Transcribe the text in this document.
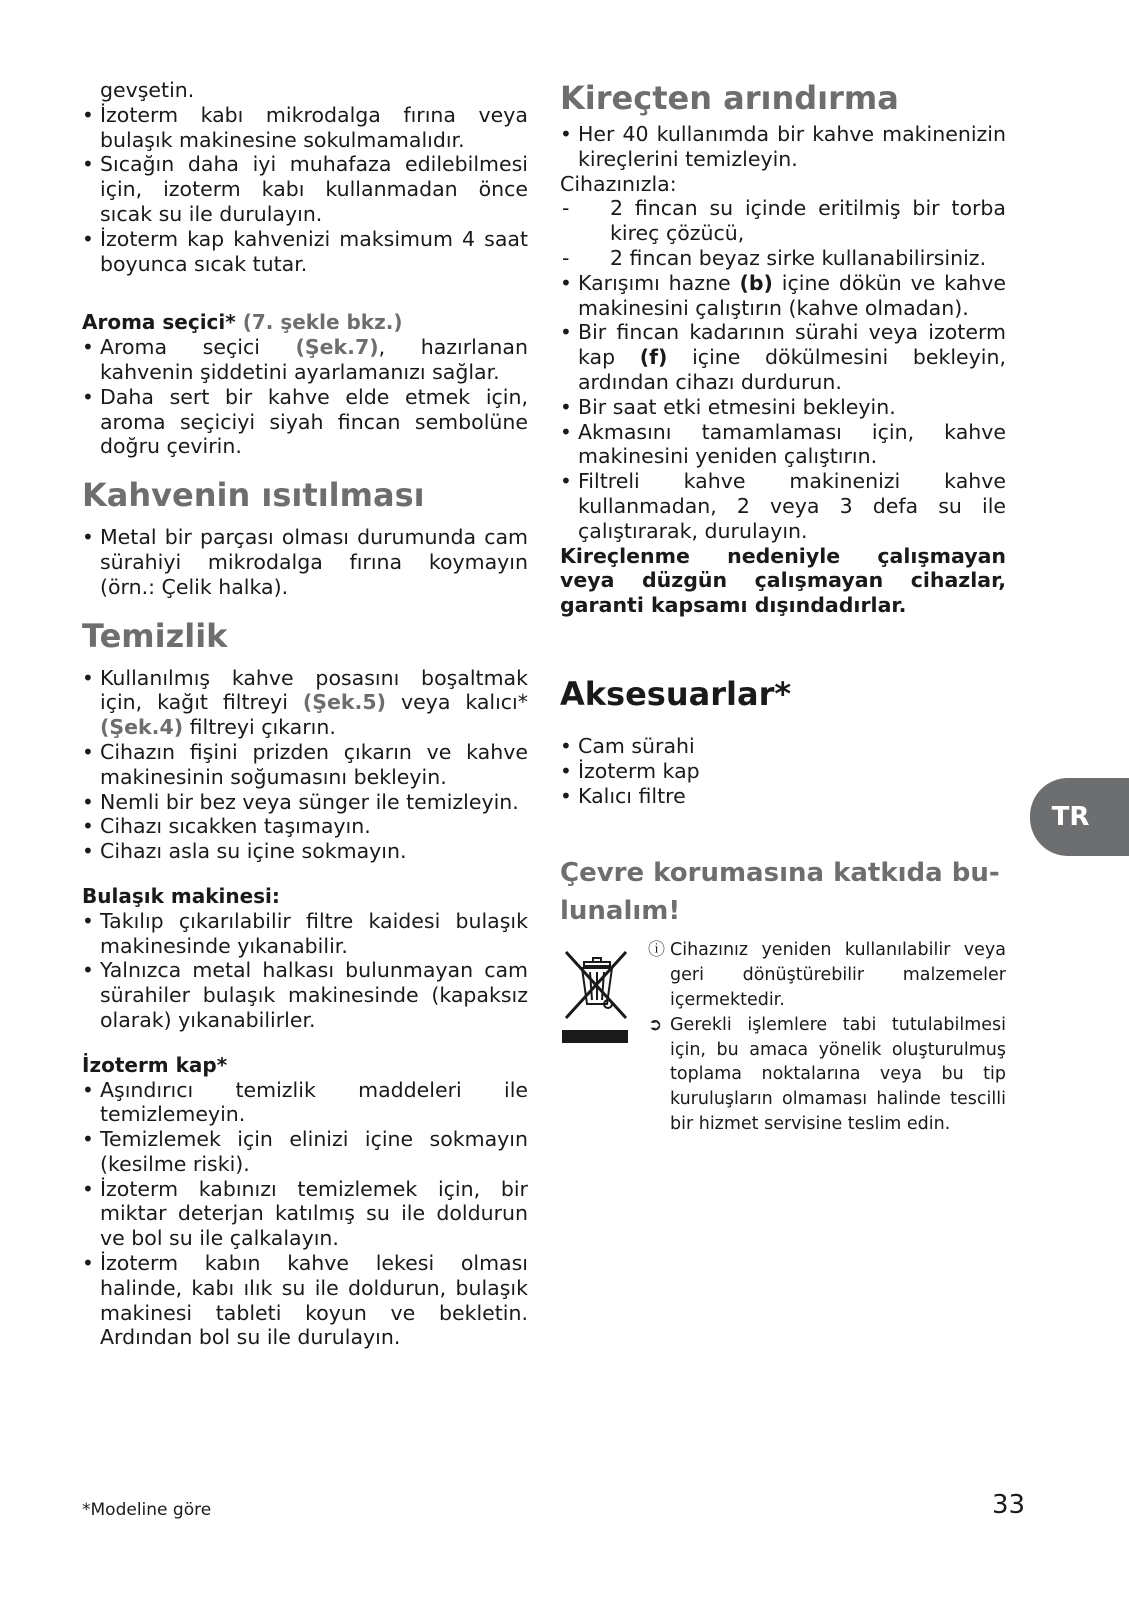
gevşetin.

• İzoterm kabı mikrodalga fırına veya bulaşık makinesine sokulmamalıdır.
• Sıcağın daha iyi muhafaza edilebilmesi için, izoterm kabı kullanmadan önce sıcak su ile durulayın.
• İzoterm kap kahvenizi maksimum 4 saat boyunca sıcak tutar.

Aroma seçici* (7. şekle bkz.)

• Aroma seçici (Şek.7), hazırlanan kahvenin şiddetini ayarlamanızı sağlar.
• Daha sert bir kahve elde etmek için, aroma seçiciyi siyah fincan sembolüne doğru çevirin.
Kahvenin ısıtılması
• Metal bir parçası olması durumunda cam sürahiyi mikrodalga fırına koymayın (örn.: Çelik halka).
Temizlik
• Kullanılmış kahve posasını boşaltmak için, kağıt filtreyi (Şek.5) veya kalıcı* (Şek.4) filtreyi çıkarın.
• Cihazın fişini prizden çıkarın ve kahve makinesinin soğumasını bekleyin.
• Nemli bir bez veya sünger ile temizleyin.
• Cihazı sıcakken taşımayın.
• Cihazı asla su içine sokmayın.

Bulaşık makinesi:

• Takılıp çıkarılabilir filtre kaidesi bulaşık makinesinde yıkanabilir.
• Yalnızca metal halkası bulunmayan cam sürahiler bulaşık makinesinde (kapaksız olarak) yıkanabilirler.

İzoterm kap*

• Aşındırıcı temizlik maddeleri ile temizlemeyin.
• Temizlemek için elinizi içine sokmayın (kesilme riski).
• İzoterm kabınızı temizlemek için, bir miktar deterjan katılmış su ile doldurun ve bol su ile çalkalayın.
• İzoterm kabın kahve lekesi olması halinde, kabı ılık su ile doldurun, bulaşık makinesi tableti koyun ve bekletin. Ardından bol su ile durulayın.
Kireçten arındırma
• Her 40 kullanımda bir kahve makinenizin kireçlerini temizleyin.

Cihazınızla:

- 2 fincan su içinde eritilmiş bir torba kireç çözücü,
- 2 fincan beyaz sirke kullanabilirsiniz.
• Karışımı hazne (b) içine dökün ve kahve makinesini çalıştırın (kahve olmadan).
• Bir fincan kadarının sürahi veya izoterm kap (f) içine dökülmesini bekleyin, ardından cihazı durdurun.
• Bir saat etki etmesini bekleyin.
• Akmasını tamamlaması için, kahve makinesini yeniden çalıştırın.
• Filtreli kahve makinenizi kahve kullanmadan, 2 veya 3 defa su ile çalıştırarak, durulayın.

Kireçlenme nedeniyle çalışmayan veya düzgün çalışmayan cihazlar, garanti kapsamı dışındadırlar.

Aksesuarlar*
• Cam sürahi
• İzoterm kap
• Kalıcı filtre
Çevre korumasına katkıda bu-
lunalım!
ⓘ Cihazınız yeniden kullanılabilir veya geri dönüştürebilir malzemeler içermektedir.
➲ Gerekli işlemlere tabi tutulabilmesi için, bu amaca yönelik oluşturulmuş toplama noktalarına veya bu tip kuruluşların olmaması halinde tescilli bir hizmet servisine teslim edin.
TR
*Modeline göre	33
